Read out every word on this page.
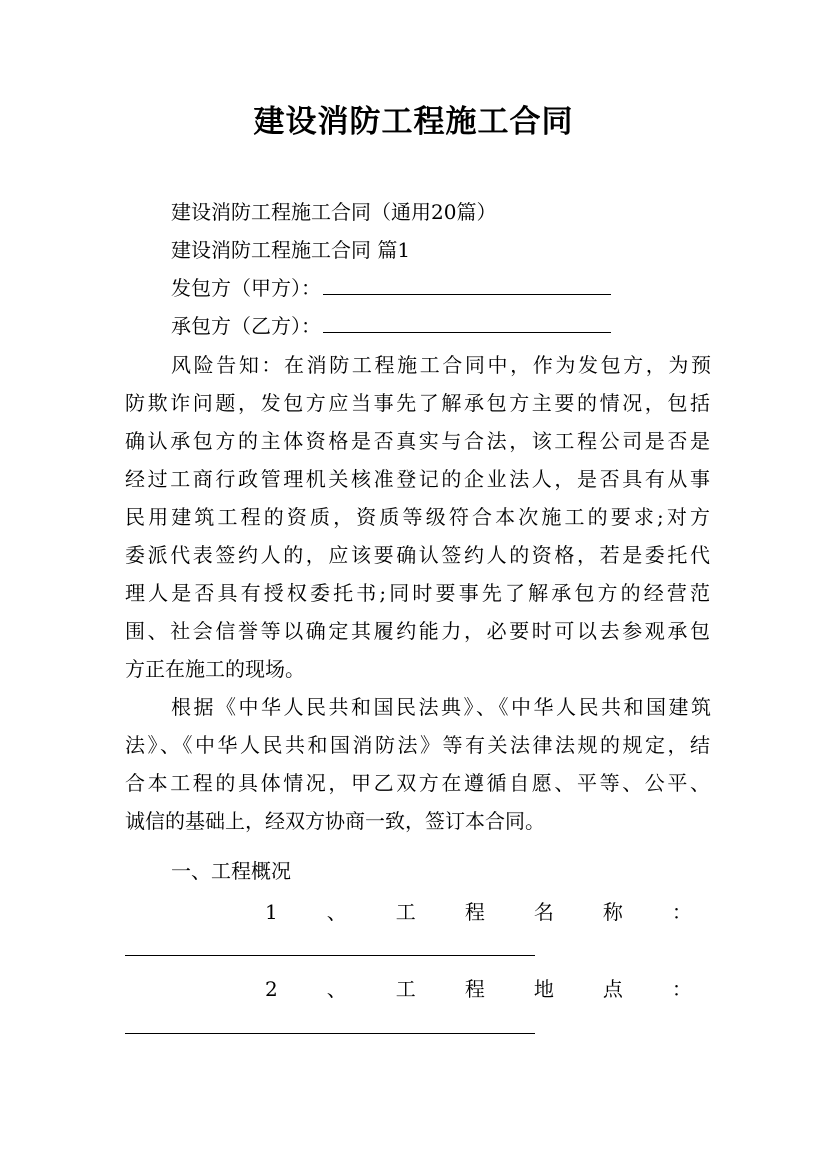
建设消防工程施工合同
建设消防工程施工合同（通用20篇）
建设消防工程施工合同 篇1
发包方（甲方）：
承包方（乙方）：
风险告知：在消防工程施工合同中，作为发包方，为预
防欺诈问题，发包方应当事先了解承包方主要的情况，包括
确认承包方的主体资格是否真实与合法，该工程公司是否是
经过工商行政管理机关核准登记的企业法人，是否具有从事
民用建筑工程的资质，资质等级符合本次施工的要求;对方
委派代表签约人的，应该要确认签约人的资格，若是委托代
理人是否具有授权委托书;同时要事先了解承包方的经营范
围、社会信誉等以确定其履约能力，必要时可以去参观承包
方正在施工的现场。
根据《中华人民共和国民法典》、《中华人民共和国建筑
法》、《中华人民共和国消防法》等有关法律法规的规定，结
合本工程的具体情况，甲乙双方在遵循自愿、平等、公平、
诚信的基础上，经双方协商一致，签订本合同。
一、工程概况
1 、 工 程 名 称 ：
2 、 工 程 地 点 ：
